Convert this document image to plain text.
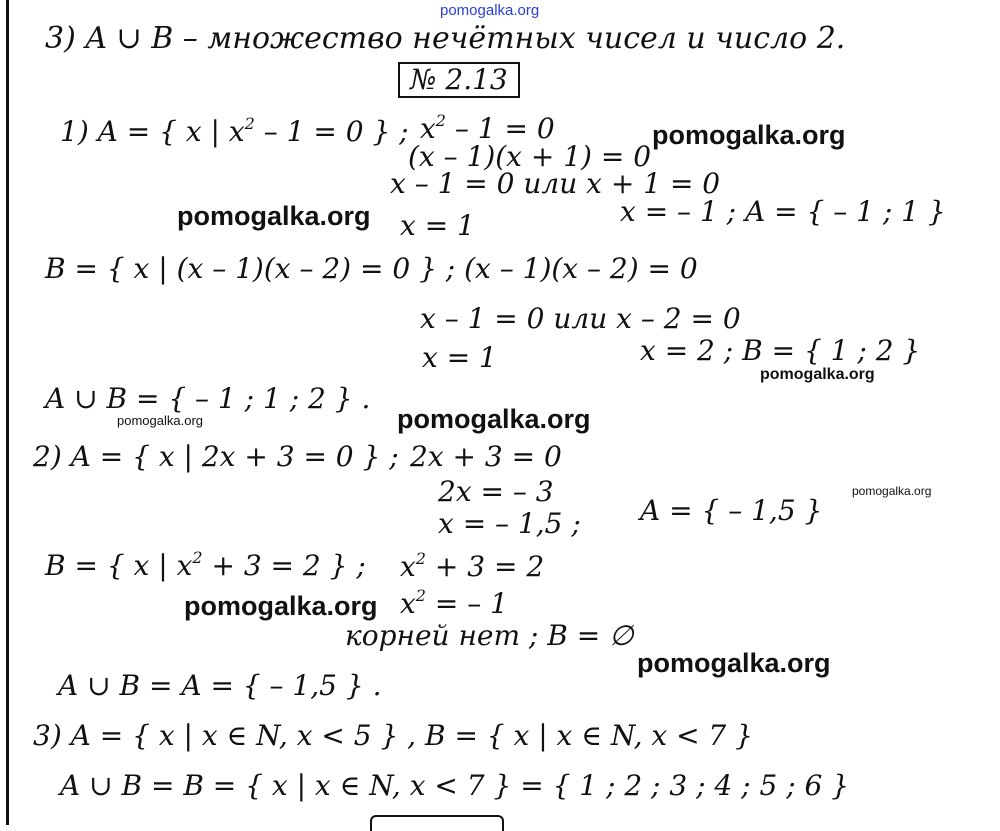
pomogalka.org
3) A ∪ B – множество нечётных чисел и число 2.
№ 2.13
1) A = { x | $x^2 - 1 = 0$ } ; $x^2 - 1 = 0$
(x – 1)(x + 1) = 0
x – 1 = 0 или x + 1 = 0
x = 1	x = – 1 ; A = { – 1 ; 1 }
B = { x | (x – 1)(x – 2) = 0 } ; (x – 1)(x – 2) = 0
x – 1 = 0 или x – 2 = 0
x = 1	x = 2 ; B = { 1 ; 2 }
A ∪ B = { – 1 ; 1 ; 2 } .
2) A = { x | 2x + 3 = 0 } ; 2x + 3 = 0
2x = – 3
x = – 1,5 ; A = { – 1,5 }
B = { x | $x^2 + 3 = 2$ } ; $x^2 + 3 = 2$
$x^2$ = – 1
корней нет ; B = ∅
A ∪ B = A = { – 1,5 } .
3) A = { x | x ∈ N, x < 5 } , B = { x | x ∈ N, x < 7 }
A ∪ B = B = { x | x ∈ N, x < 7 } = { 1 ; 2 ; 3 ; 4 ; 5 ; 6 }
pomogalka.org
pomogalka.org
pomogalka.org
pomogalka.org
pomogalka.org
pomogalka.org
pomogalka.org
pomogalka.org
